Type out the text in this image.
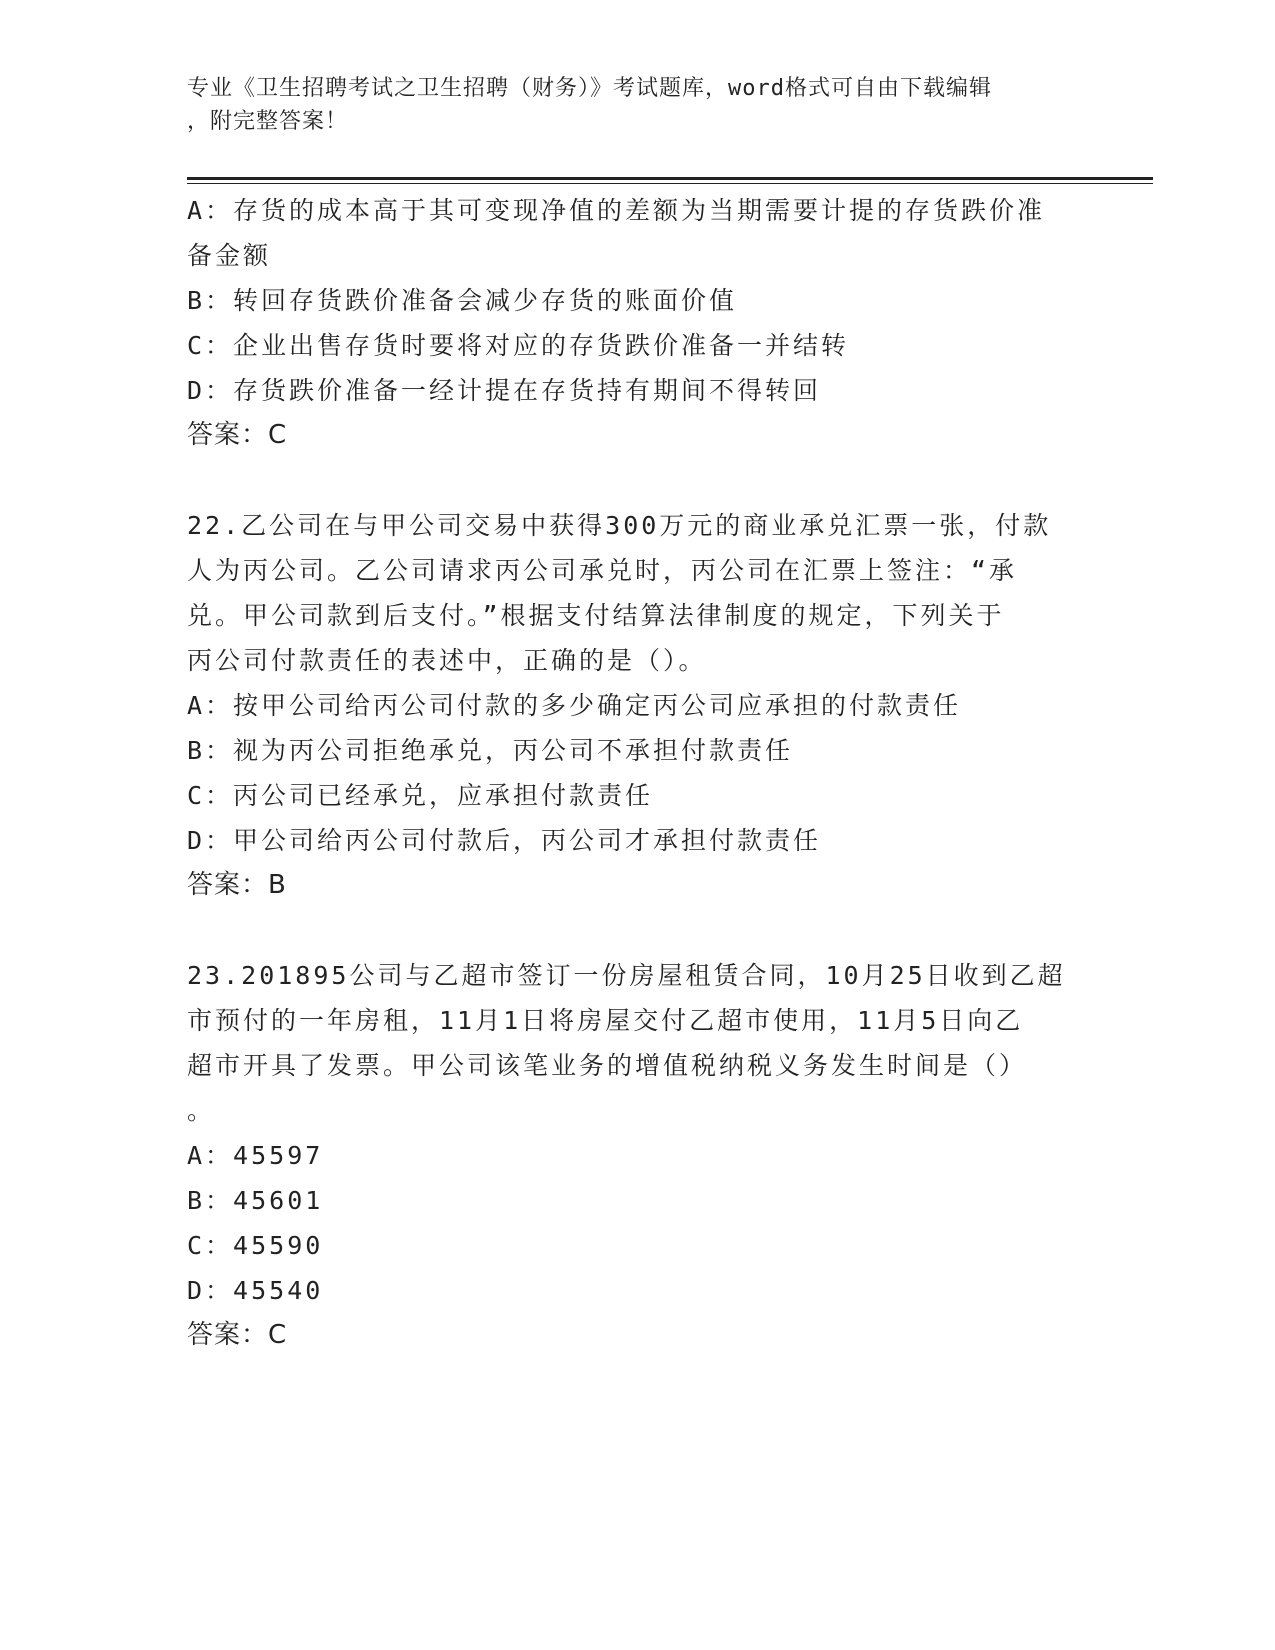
专业《卫生招聘考试之卫生招聘（财务）》考试题库，word格式可自由下载编辑
，附完整答案！
A：存货的成本高于其可变现净值的差额为当期需要计提的存货跌价准
备金额
B：转回存货跌价准备会减少存货的账面价值
C：企业出售存货时要将对应的存货跌价准备一并结转
D：存货跌价准备一经计提在存货持有期间不得转回
答案：C
22.乙公司在与甲公司交易中获得300万元的商业承兑汇票一张，付款
人为丙公司。乙公司请求丙公司承兑时，丙公司在汇票上签注：“承
兑。甲公司款到后支付。”根据支付结算法律制度的规定，下列关于
丙公司付款责任的表述中，正确的是（）。
A：按甲公司给丙公司付款的多少确定丙公司应承担的付款责任
B：视为丙公司拒绝承兑，丙公司不承担付款责任
C：丙公司已经承兑，应承担付款责任
D：甲公司给丙公司付款后，丙公司才承担付款责任
答案：B
23.201895公司与乙超市签订一份房屋租赁合同，10月25日收到乙超
市预付的一年房租，11月1日将房屋交付乙超市使用，11月5日向乙
超市开具了发票。甲公司该笔业务的增值税纳税义务发生时间是（）
。
A：45597
B：45601
C：45590
D：45540
答案：C
